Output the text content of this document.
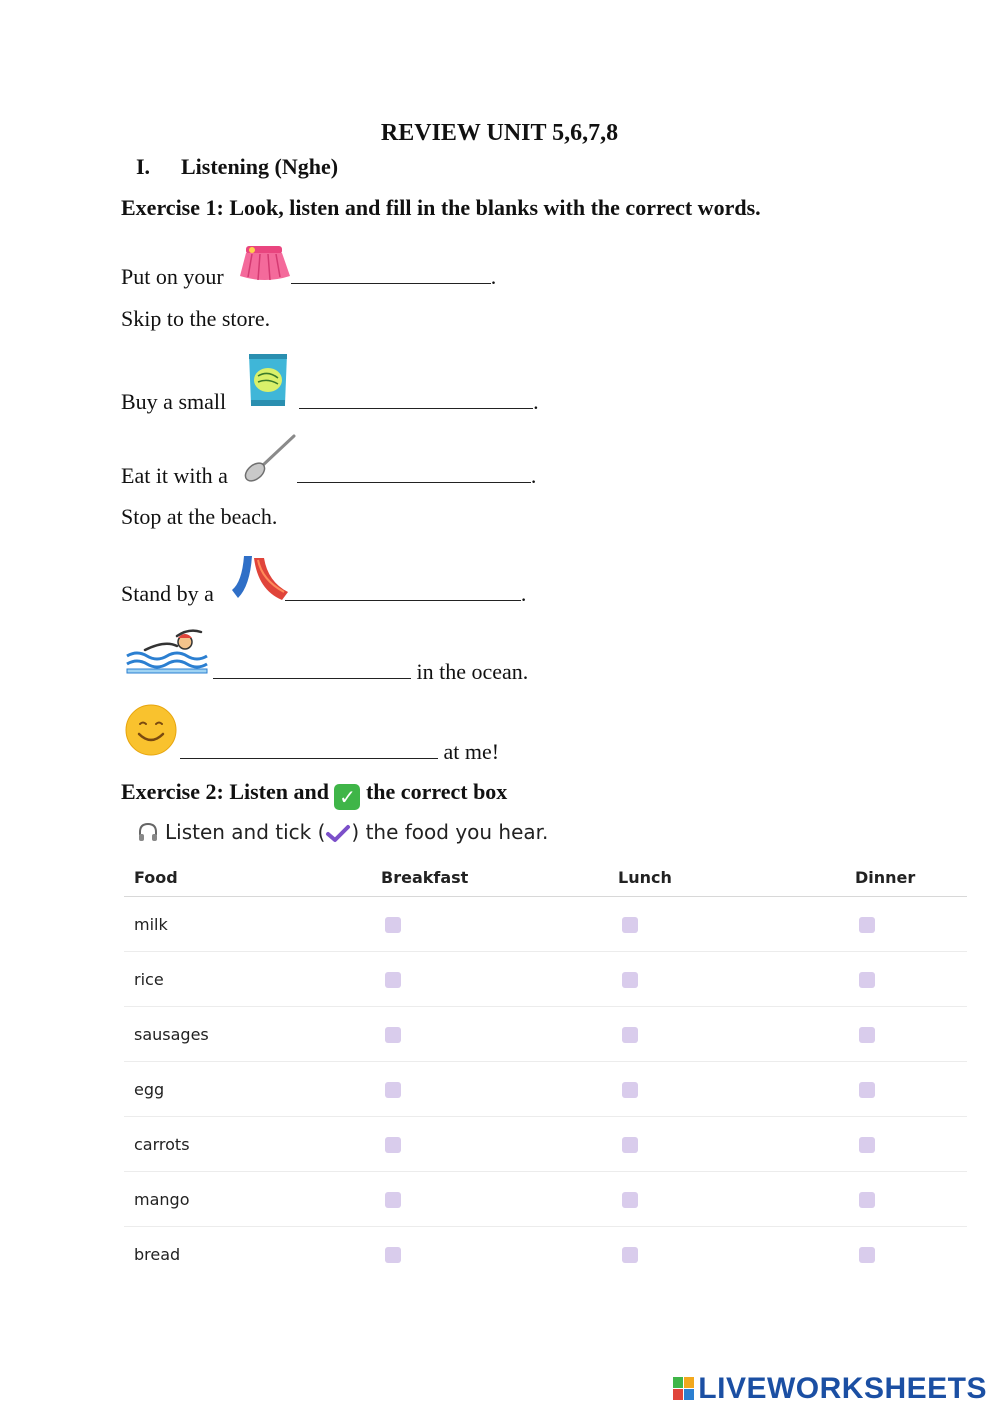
REVIEW UNIT 5,6,7,8
I. Listening (Nghe)
Exercise 1: Look, listen and fill in the blanks with the correct words.
Put on your	.
Skip to the store.
Buy a small	.
Eat it with a	.
Stop at the beach.
Stand by a	.
in the ocean.
at me!
Exercise 2: Listen and ✓ the correct box
Listen and tick ( ) the food you hear.
Food	Breakfast	Lunch	Dinner
milk			
rice			
sausages			
egg			
carrots			
mango			
bread			
LIVEWORKSHEETS
